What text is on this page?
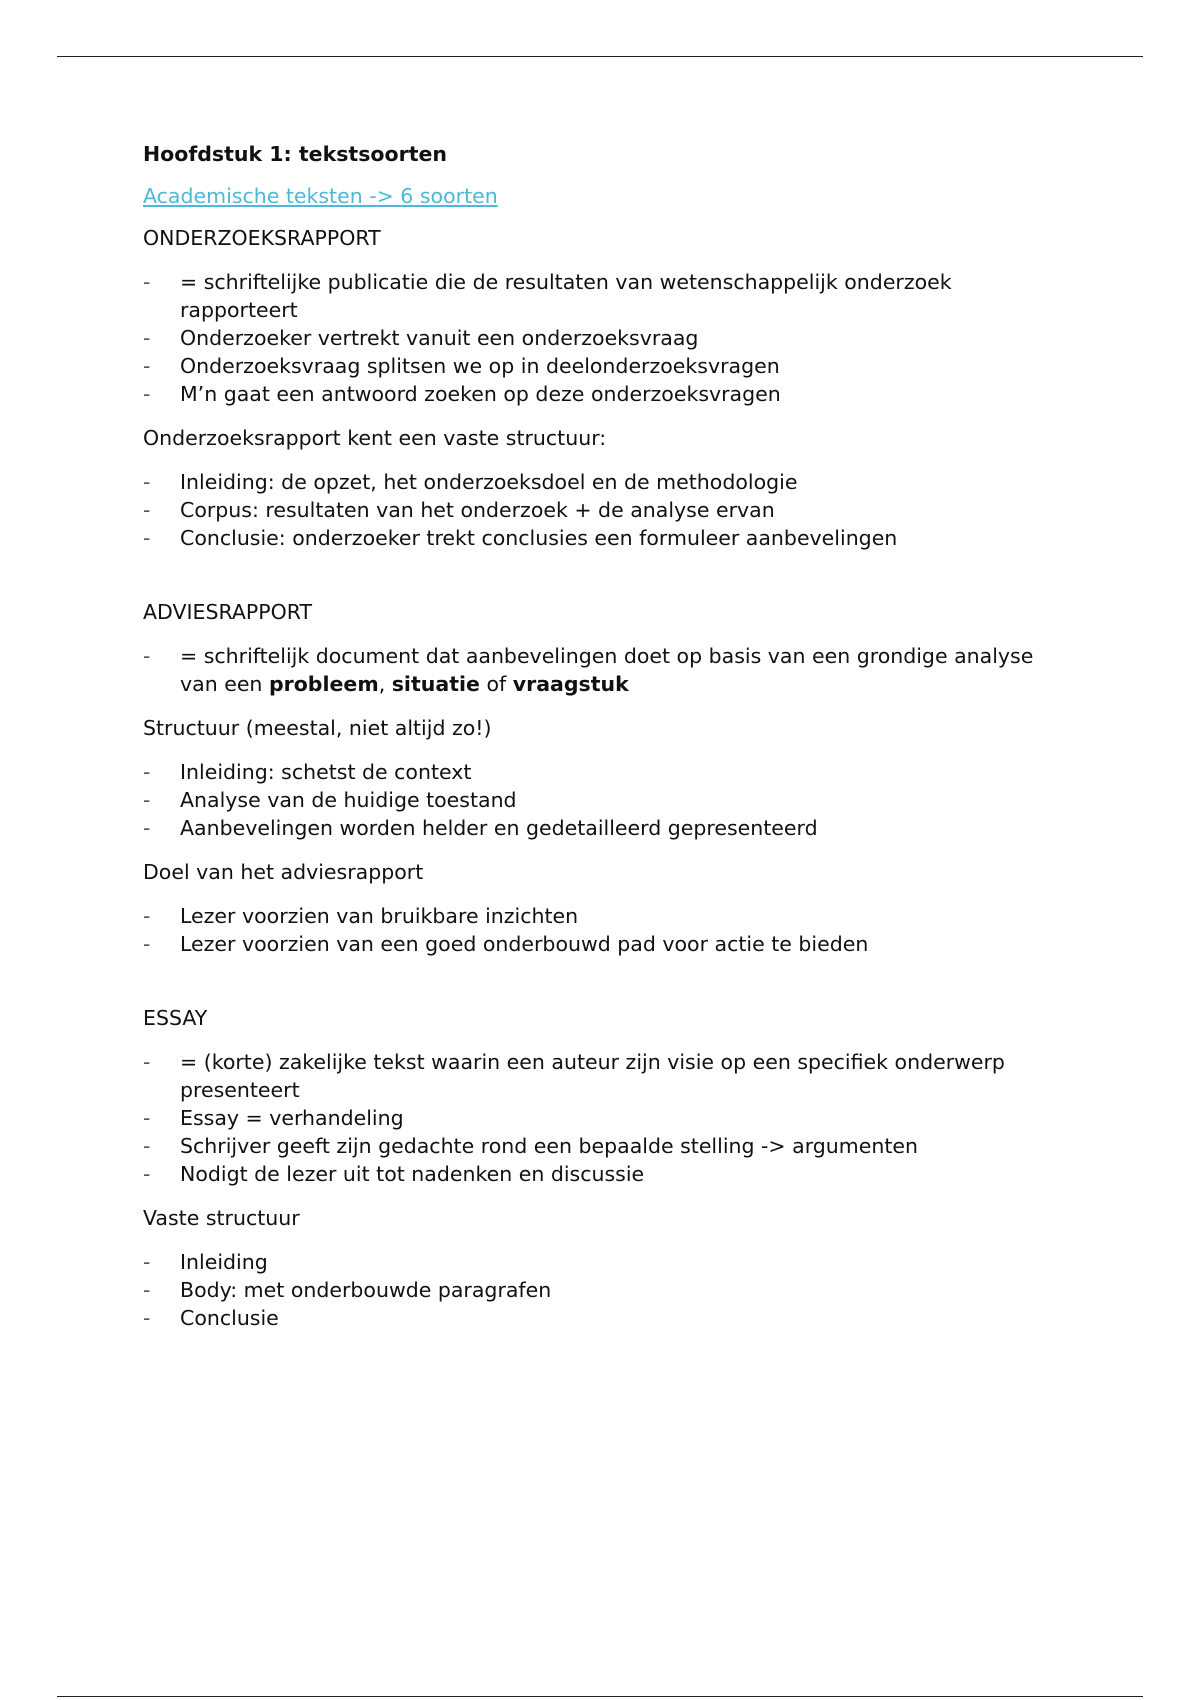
Hoofdstuk 1: tekstsoorten
Academische teksten -> 6 soorten
ONDERZOEKSRAPPORT
- = schriftelijke publicatie die de resultaten van wetenschappelijk onderzoek rapporteert
- Onderzoeker vertrekt vanuit een onderzoeksvraag
- Onderzoeksvraag splitsen we op in deelonderzoeksvragen
- M’n gaat een antwoord zoeken op deze onderzoeksvragen
Onderzoeksrapport kent een vaste structuur:
- Inleiding: de opzet, het onderzoeksdoel en de methodologie
- Corpus: resultaten van het onderzoek + de analyse ervan
- Conclusie: onderzoeker trekt conclusies een formuleer aanbevelingen
ADVIESRAPPORT
- = schriftelijk document dat aanbevelingen doet op basis van een grondige analyse van een probleem, situatie of vraagstuk
Structuur (meestal, niet altijd zo!)
- Inleiding: schetst de context
- Analyse van de huidige toestand
- Aanbevelingen worden helder en gedetailleerd gepresenteerd
Doel van het adviesrapport
- Lezer voorzien van bruikbare inzichten
- Lezer voorzien van een goed onderbouwd pad voor actie te bieden
ESSAY
- = (korte) zakelijke tekst waarin een auteur zijn visie op een specifiek onderwerp presenteert
- Essay = verhandeling
- Schrijver geeft zijn gedachte rond een bepaalde stelling -> argumenten
- Nodigt de lezer uit tot nadenken en discussie
Vaste structuur
- Inleiding
- Body: met onderbouwde paragrafen
- Conclusie
